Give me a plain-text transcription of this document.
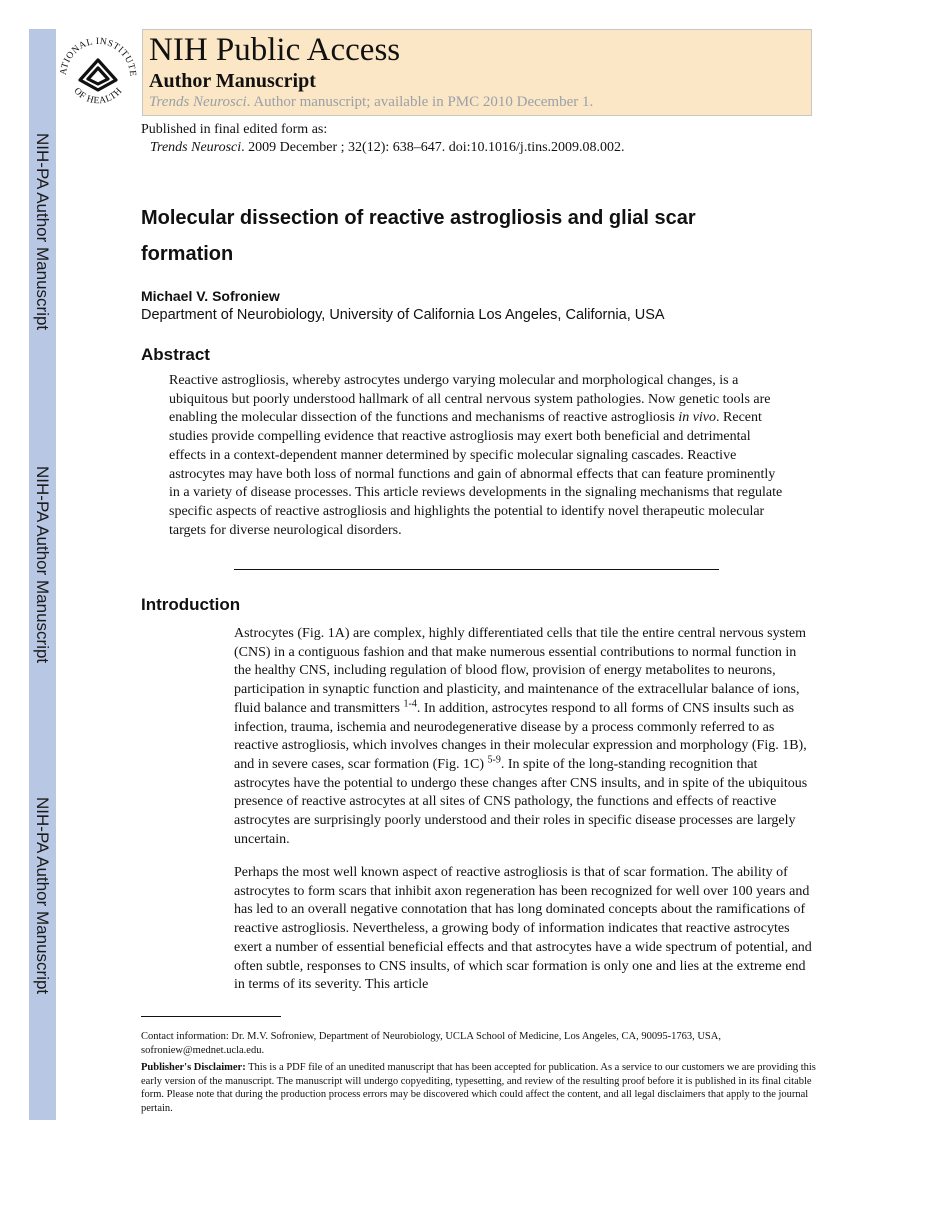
NIH-PA Author Manuscript
NIH-PA Author Manuscript
NIH-PA Author Manuscript
ATIONAL INSTITUTE
OF HEALTH
NIH Public Access
Author Manuscript
Trends Neurosci. Author manuscript; available in PMC 2010 December 1.
Published in final edited form as:
Trends Neurosci. 2009 December ; 32(12): 638–647. doi:10.1016/j.tins.2009.08.002.
Molecular dissection of reactive astrogliosis and glial scar formation
Michael V. Sofroniew
Department of Neurobiology, University of California Los Angeles, California, USA
Abstract

Reactive astrogliosis, whereby astrocytes undergo varying molecular and morphological changes, is a ubiquitous but poorly understood hallmark of all central nervous system pathologies. Now genetic tools are enabling the molecular dissection of the functions and mechanisms of reactive astrogliosis in vivo. Recent studies provide compelling evidence that reactive astrogliosis may exert both beneficial and detrimental effects in a context-dependent manner determined by specific molecular signaling cascades. Reactive astrocytes may have both loss of normal functions and gain of abnormal effects that can feature prominently in a variety of disease processes. This article reviews developments in the signaling mechanisms that regulate specific aspects of reactive astrogliosis and highlights the potential to identify novel therapeutic molecular targets for diverse neurological disorders.

Introduction

Astrocytes (Fig. 1A) are complex, highly differentiated cells that tile the entire central nervous system (CNS) in a contiguous fashion and that make numerous essential contributions to normal function in the healthy CNS, including regulation of blood flow, provision of energy metabolites to neurons, participation in synaptic function and plasticity, and maintenance of the extracellular balance of ions, fluid balance and transmitters $^{1-4}$. In addition, astrocytes respond to all forms of CNS insults such as infection, trauma, ischemia and neurodegenerative disease by a process commonly referred to as reactive astrogliosis, which involves changes in their molecular expression and morphology (Fig. 1B), and in severe cases, scar formation (Fig. 1C) $^{5-9}$. In spite of the long-standing recognition that astrocytes have the potential to undergo these changes after CNS insults, and in spite of the ubiquitous presence of reactive astrocytes at all sites of CNS pathology, the functions and effects of reactive astrocytes are surprisingly poorly understood and their roles in specific disease processes are largely uncertain.

Perhaps the most well known aspect of reactive astrogliosis is that of scar formation. The ability of astrocytes to form scars that inhibit axon regeneration has been recognized for well over 100 years and has led to an overall negative connotation that has long dominated concepts about the ramifications of reactive astrogliosis. Nevertheless, a growing body of information indicates that reactive astrocytes exert a number of essential beneficial effects and that astrocytes have a wide spectrum of potential, and often subtle, responses to CNS insults, of which scar formation is only one and lies at the extreme end in terms of its severity. This article

Contact information: Dr. M.V. Sofroniew, Department of Neurobiology, UCLA School of Medicine, Los Angeles, CA, 90095-1763, USA, sofroniew@mednet.ucla.edu.

Publisher's Disclaimer: This is a PDF file of an unedited manuscript that has been accepted for publication. As a service to our customers we are providing this early version of the manuscript. The manuscript will undergo copyediting, typesetting, and review of the resulting proof before it is published in its final citable form. Please note that during the production process errors may be discovered which could affect the content, and all legal disclaimers that apply to the journal pertain.
